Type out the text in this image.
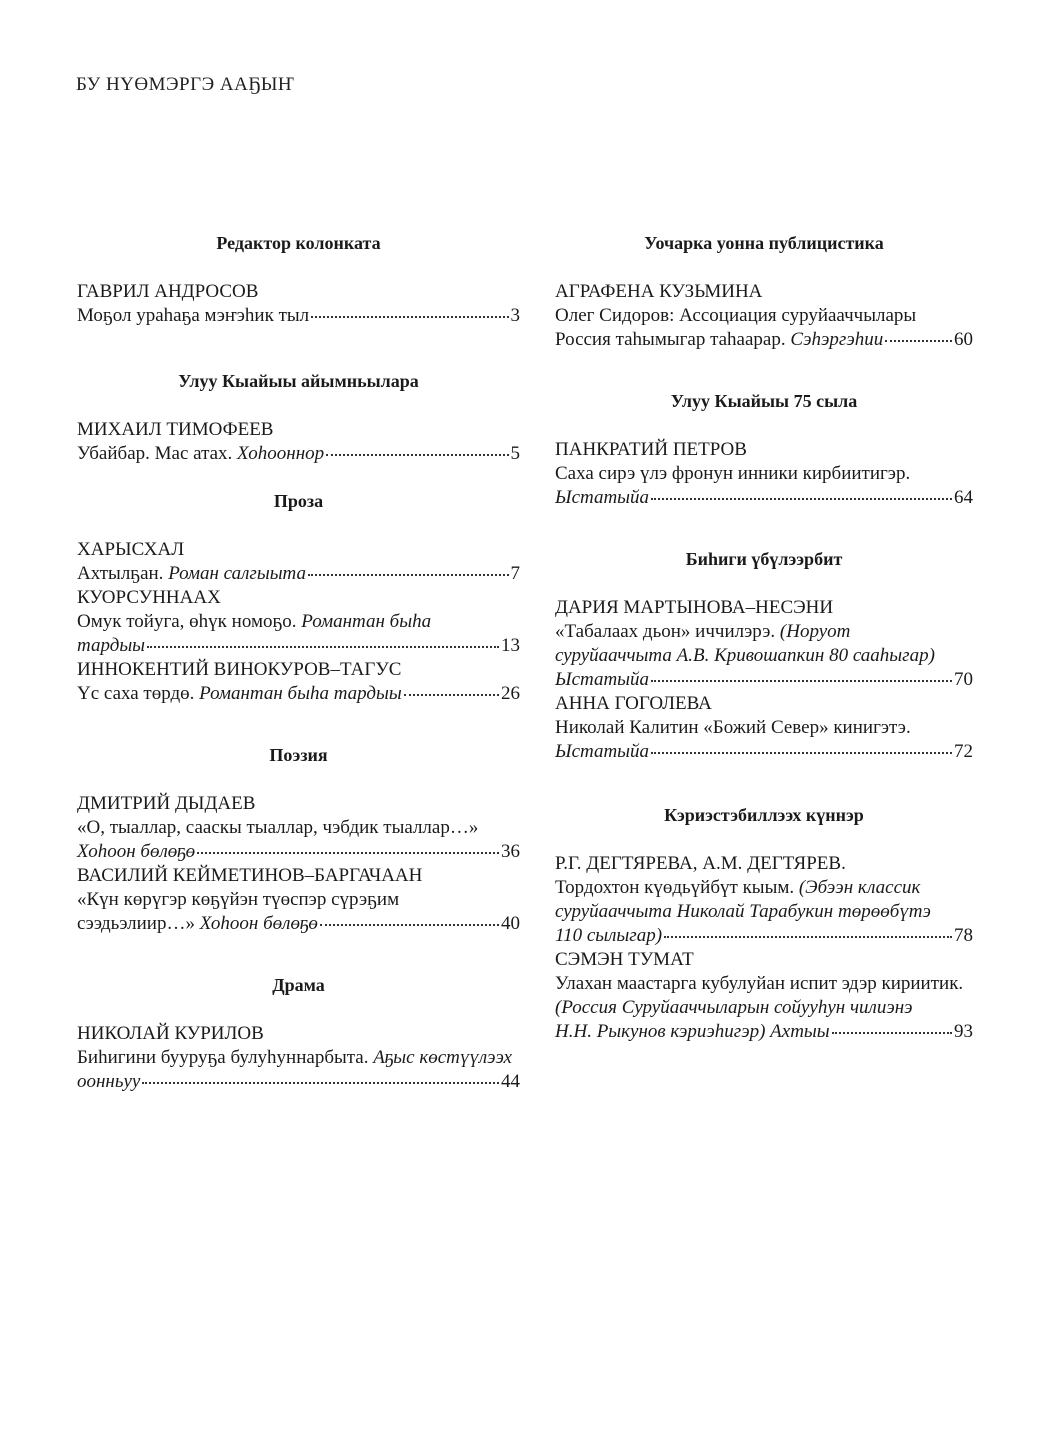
БУ НҮӨМЭРГЭ ААҔЫҤ
Редактор колонката
ГАВРИЛ АНДРОСОВ
Моҕол ураһаҕа мэҥэһик тыл	3
Улуу Кыайыы айымньылара
МИХАИЛ ТИМОФЕЕВ
Убайбар. Мас атах. Хоһооннор	5
Проза
ХАРЫСХАЛ
Ахтылҕан. Роман салгыыта	7
КУОРСУННААХ
Омук тойуга, өһүк номоҕо. Романтан быһа
тардыы	13
ИННОКЕНТИЙ ВИНОКУРОВ–ТАГУС
Үс саха төрдө. Романтан быһа тардыы	26
Поэзия
ДМИТРИЙ ДЫДАЕВ
«О, тыаллар, сааскы тыаллар, чэбдик тыаллар…»
Хоһоон бөлөҕө	36
ВАСИЛИЙ КЕЙМЕТИНОВ–БАРГАЧААН
«Күн көрүгэр көҕүйэн түөспэр сүрэҕим
сээдьэлиир…» Хоһоон бөлөҕө	40
Драма
НИКОЛАЙ КУРИЛОВ
Биһигини бууруҕа булуһуннарбыта. Аҕыс көстүүлээх
оонньуу	44
Уочарка уонна публицистика
АГРАФЕНА КУЗЬМИНА
Олег Сидоров: Ассоциация суруйааччылары
Россия таһымыгар таһаарар. Сэһэргэһии	60
Улуу Кыайыы 75 сыла
ПАНКРАТИЙ ПЕТРОВ
Саха сирэ үлэ фронун инники кирбиитигэр.
Ыстатыйа	64
Биһиги үбүлээрбит
ДАРИЯ МАРТЫНОВА–НЕСЭНИ
«Табалаах дьон» иччилэрэ. (Норуот
суруйааччыта А.В. Кривошапкин 80 сааһыгар)
Ыстатыйа	70
АННА ГОГОЛЕВА
Николай Калитин «Божий Север» кинигэтэ.
Ыстатыйа	72
Кэриэстэбиллээх күннэр
Р.Г. ДЕГТЯРЕВА, А.М. ДЕГТЯРЕВ.
Тордохтон күөдьүйбүт кыым. (Эбээн классик
суруйааччыта Николай Тарабукин төрөөбүтэ
110 сылыгар)	78
СЭМЭН ТУМАТ
Улахан маастарга кубулуйан испит эдэр кириитик.
(Россия Суруйааччыларын сойууһун чилиэнэ
Н.Н. Рыкунов кэриэһигэр) Ахтыы	93
